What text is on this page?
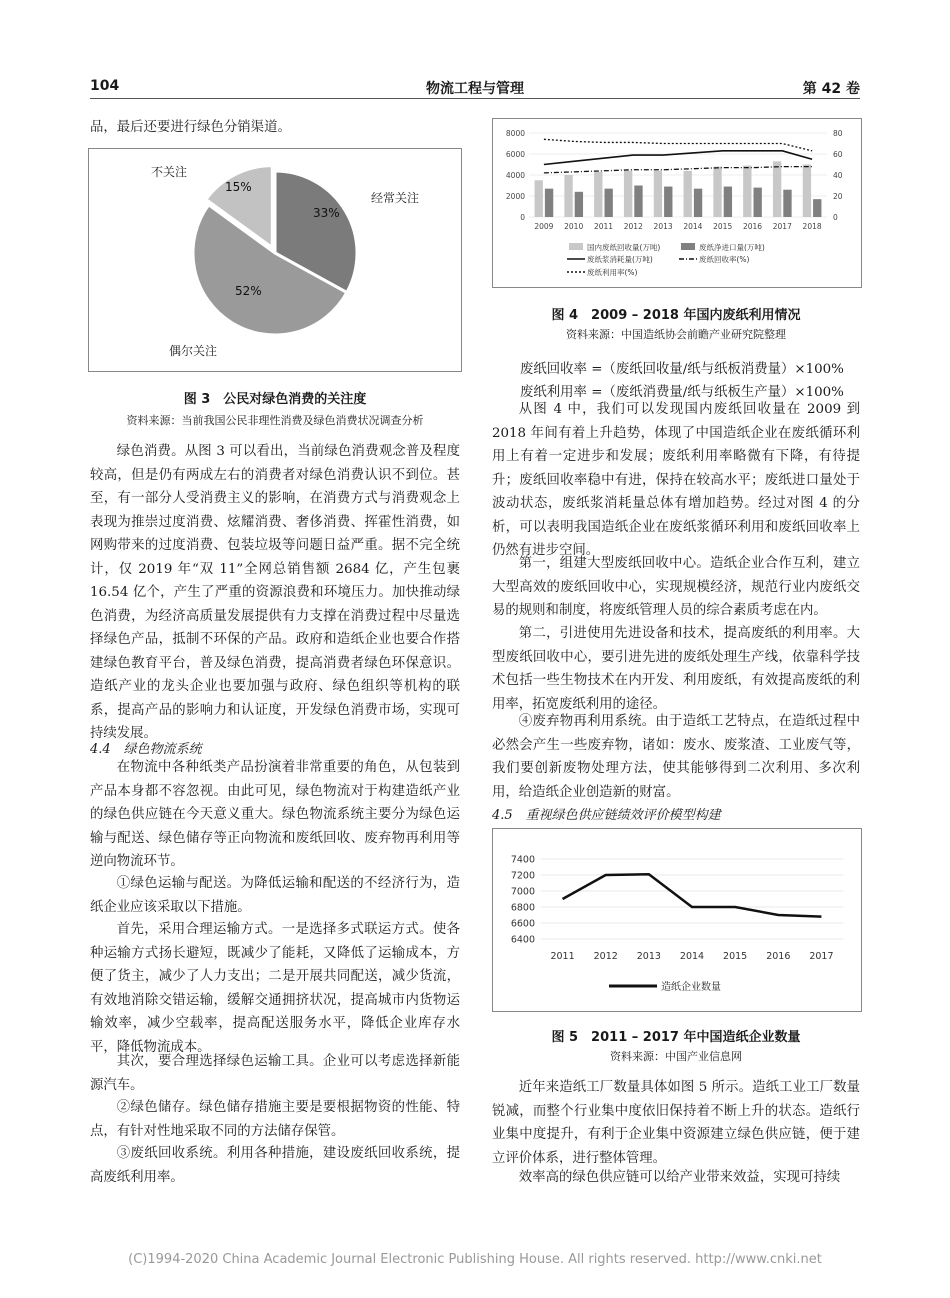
104	物流工程与管理	第 42 卷

品，最后还要进行绿色分销渠道。

经常关注
偶尔关注
不关注
33%
52%
15%
图 3　公民对绿色消费的关注度
资料来源：当前我国公民非理性消费及绿色消费状况调查分析

绿色消费。从图 3 可以看出，当前绿色消费观念普及程度较高，但是仍有两成左右的消费者对绿色消费认识不到位。甚至，有一部分人受消费主义的影响，在消费方式与消费观念上表现为推崇过度消费、炫耀消费、奢侈消费、挥霍性消费，如网购带来的过度消费、包装垃圾等问题日益严重。据不完全统计，仅 2019 年“双 11”全网总销售额 2684 亿，产生包裹 16.54 亿个，产生了严重的资源浪费和环境压力。加快推动绿色消费，为经济高质量发展提供有力支撑在消费过程中尽量选择绿色产品，抵制不环保的产品。政府和造纸企业也要合作搭建绿色教育平台，普及绿色消费，提高消费者绿色环保意识。造纸产业的龙头企业也要加强与政府、绿色组织等机构的联系，提高产品的影响力和认证度，开发绿色消费市场，实现可持续发展。

4.4　绿色物流系统

在物流中各种纸类产品扮演着非常重要的角色，从包装到产品本身都不容忽视。由此可见，绿色物流对于构建造纸产业的绿色供应链在今天意义重大。绿色物流系统主要分为绿色运输与配送、绿色储存等正向物流和废纸回收、废弃物再利用等逆向物流环节。

①绿色运输与配送。为降低运输和配送的不经济行为，造纸企业应该采取以下措施。

首先，采用合理运输方式。一是选择多式联运方式。使各种运输方式扬长避短，既减少了能耗，又降低了运输成本，方便了货主，减少了人力支出；二是开展共同配送，减少货流，有效地消除交错运输，缓解交通拥挤状况，提高城市内货物运输效率，减少空载率，提高配送服务水平，降低企业库存水平，降低物流成本。

其次，要合理选择绿色运输工具。企业可以考虑选择新能源汽车。

②绿色储存。绿色储存措施主要是要根据物资的性能、特点，有针对性地采取不同的方法储存保管。

③废纸回收系统。利用各种措施，建设废纸回收系统，提高废纸利用率。

0
2000
4000
6000
8000
0
20
40
60
80
2009 2010 2011 2012 2013 2014 2015 2016 2017 2018
国内废纸回收量(万吨)	废纸净进口量(万吨)
废纸浆消耗量(万吨)	废纸回收率(%)
废纸利用率(%)
图 4　2009 – 2018 年国内废纸利用情况
资料来源：中国造纸协会前瞻产业研究院整理
废纸回收率 =（废纸回收量/纸与纸板消费量）×100%
废纸利用率 =（废纸消费量/纸与纸板生产量）×100%

从图 4 中，我们可以发现国内废纸回收量在 2009 到 2018 年间有着上升趋势，体现了中国造纸企业在废纸循环利用上有着一定进步和发展；废纸利用率略微有下降，有待提升；废纸回收率稳中有进，保持在较高水平；废纸进口量处于波动状态，废纸浆消耗量总体有增加趋势。经过对图 4 的分析，可以表明我国造纸企业在废纸浆循环利用和废纸回收率上仍然有进步空间。

第一，组建大型废纸回收中心。造纸企业合作互利，建立大型高效的废纸回收中心，实现规模经济，规范行业内废纸交易的规则和制度，将废纸管理人员的综合素质考虑在内。

第二，引进使用先进设备和技术，提高废纸的利用率。大型废纸回收中心，要引进先进的废纸处理生产线，依靠科学技术包括一些生物技术在内开发、利用废纸，有效提高废纸的利用率，拓宽废纸利用的途径。

④废弃物再利用系统。由于造纸工艺特点，在造纸过程中必然会产生一些废弃物，诸如：废水、废浆渣、工业废气等，我们要创新废物处理方法，使其能够得到二次利用、多次利用，给造纸企业创造新的财富。

4.5　重视绿色供应链绩效评价模型构建

6400
6600
6800
7000
7200
7400
2011 2012 2013 2014 2015 2016 2017
造纸企业数量
图 5　2011 – 2017 年中国造纸企业数量
资料来源：中国产业信息网

近年来造纸工厂数量具体如图 5 所示。造纸工业工厂数量锐减，而整个行业集中度依旧保持着不断上升的状态。造纸行业集中度提升，有利于企业集中资源建立绿色供应链，便于建立评价体系，进行整体管理。

效率高的绿色供应链可以给产业带来效益，实现可持续

(C)1994-2020 China Academic Journal Electronic Publishing House. All rights reserved. http://www.cnki.net
